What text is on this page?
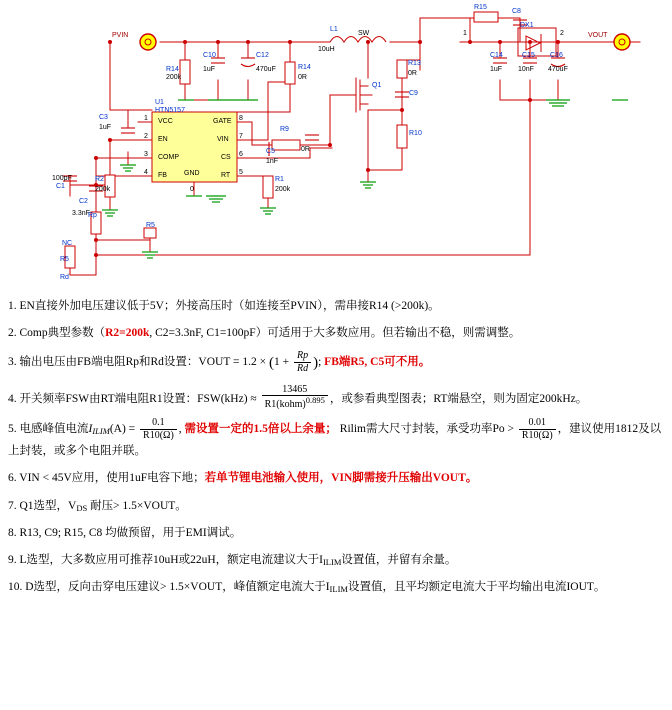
PVIN	VOUT
R14
200k
C10
1uF
C12
470uF	R14
0R
C3
1uF
R2
200k
C1
100pF
C2
3.3nF
R9
0R
C5
1nF
R13
0R
C9
R10
R1
200k
R5
Rp
Rd
NC
R5
L1
10uH
Q1
R15
C8
DX1
C14
1uF
C15
10nF
C16
470uF
SW	1	2
U1
HTN5157
VCC
EN
COMP
FB
GATE
VIN
CS
RT
GND
0
1
2
3
4
8
7
6
5

1. EN直接外加电压建议低于5V；外接高压时（如连接至PVIN），需串接R14 (>200k)。

2. Comp典型参数（R2=200k, C2=3.3nF, C1=100pF）可适用于大多数应用。但若输出不稳，则需调整。

3. 输出电压由FB端电阻Rp和Rd设置：VOUT = $1.2 \times (1 + \frac{Rp}{Rd}$ ); FB端R5, C5可不用。

4. 开关频率FSW由RT端电阻R1设置：$FSW(kHz) \approx \frac{13465}{R1(kohm)^{0.895}}$ ，或参看典型图表；RT端悬空，则为固定200kHz。

5. 电感峰值电流$I_{ILIM}(A) = \frac{0.1}{R10(\Omega)}$ , 需设置一定的1.5倍以上余量； Rilim需大尺寸封装，承受功率$Po > \frac{0.01}{R10(\Omega)}$ ，建议使用1812及以上封装，或多个电阻并联。

6. VIN < 45V应用，使用1uF电容下地；若单节锂电池输入使用，VIN脚需接升压输出VOUT。

7. Q1选型，$V_{DS}$ 耐压> 1.5×VOUT。

8. R13, C9; R15, C8 均做预留，用于EMI调试。

9. L选型，大多数应用可推荐10uH或22uH，额定电流建议大于$I_{ILIM}$设置值，并留有余量。

10. D选型，反向击穿电压建议> 1.5×VOUT，峰值额定电流大于$I_{ILIM}$设置值，且平均额定电流大于平均输出电流IOUT。
